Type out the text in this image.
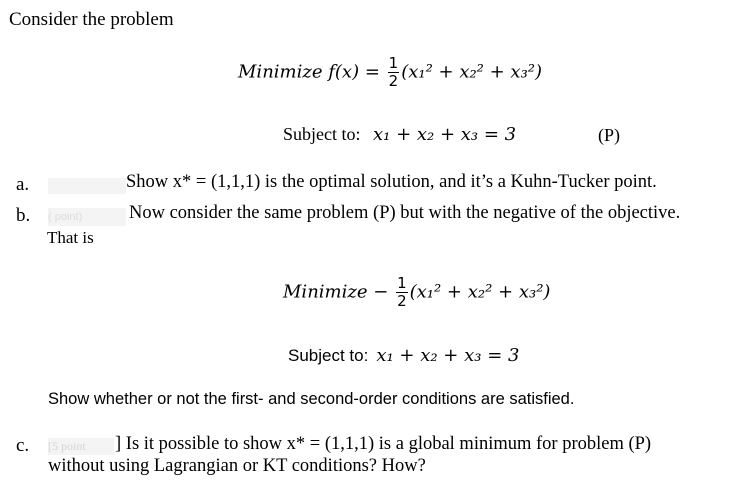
Consider the problem
Minimize $f(x) = \frac{1}{2} (x_1^2 + x_2^2 + x_3^2)$
Subject to: x₁ + x₂ + x₃ = 3	(P)
a.	Show x* = (1,1,1) is the optimal solution, and it’s a Kuhn-Tucker point.
b. ( point)	Now consider the same problem (P) but with the negative of the objective.
That is
Minimize − $\frac{1}{2} (x_1^2 + x_2^2 + x_3^2)$
Subject to: x₁ + x₂ + x₃ = 3
Show whether or not the first- and second-order conditions are satisfied.
c. [5 point	] Is it possible to show x* = (1,1,1) is a global minimum for problem (P)
without using Lagrangian or KT conditions? How?
